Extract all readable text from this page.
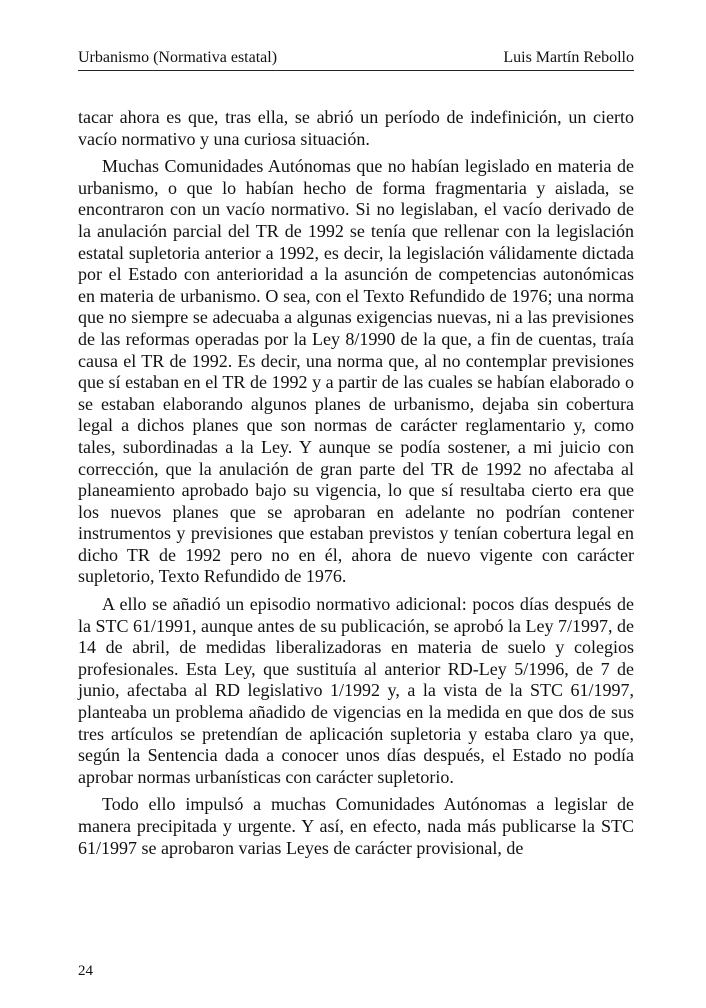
Urbanismo (Normativa estatal)	Luis Martín Rebollo

tacar ahora es que, tras ella, se abrió un período de indefinición, un cierto vacío normativo y una curiosa situación.

Muchas Comunidades Autónomas que no habían legislado en materia de urbanismo, o que lo habían hecho de forma fragmentaria y aislada, se encontraron con un vacío normativo. Si no legislaban, el vacío derivado de la anulación parcial del TR de 1992 se tenía que rellenar con la legislación estatal supletoria anterior a 1992, es decir, la legislación válidamente dictada por el Estado con anterioridad a la asunción de competencias autonómicas en materia de urbanismo. O sea, con el Texto Refundido de 1976; una norma que no siempre se adecuaba a algunas exigencias nuevas, ni a las previsiones de las reformas operadas por la Ley 8/1990 de la que, a fin de cuentas, traía causa el TR de 1992. Es decir, una norma que, al no contemplar previsiones que sí estaban en el TR de 1992 y a partir de las cuales se habían elaborado o se estaban elaborando algunos planes de urbanismo, dejaba sin cobertura legal a dichos planes que son normas de carácter reglamentario y, como tales, subordinadas a la Ley. Y aunque se podía sostener, a mi juicio con corrección, que la anulación de gran parte del TR de 1992 no afectaba al planeamiento aprobado bajo su vigencia, lo que sí resultaba cierto era que los nuevos planes que se aprobaran en adelante no podrían contener instrumentos y previsiones que estaban previstos y tenían cobertura legal en dicho TR de 1992 pero no en él, ahora de nuevo vigente con carácter supletorio, Texto Refundido de 1976.

A ello se añadió un episodio normativo adicional: pocos días después de la STC 61/1991, aunque antes de su publicación, se aprobó la Ley 7/1997, de 14 de abril, de medidas liberalizadoras en materia de suelo y colegios profesionales. Esta Ley, que sustituía al anterior RD-Ley 5/1996, de 7 de junio, afectaba al RD legislativo 1/1992 y, a la vista de la STC 61/1997, planteaba un problema añadido de vigencias en la medida en que dos de sus tres artículos se pretendían de aplicación supletoria y estaba claro ya que, según la Sentencia dada a conocer unos días después, el Estado no podía aprobar normas urbanísticas con carácter supletorio.

Todo ello impulsó a muchas Comunidades Autónomas a legislar de manera precipitada y urgente. Y así, en efecto, nada más publicarse la STC 61/1997 se aprobaron varias Leyes de carácter provisional, de

24
